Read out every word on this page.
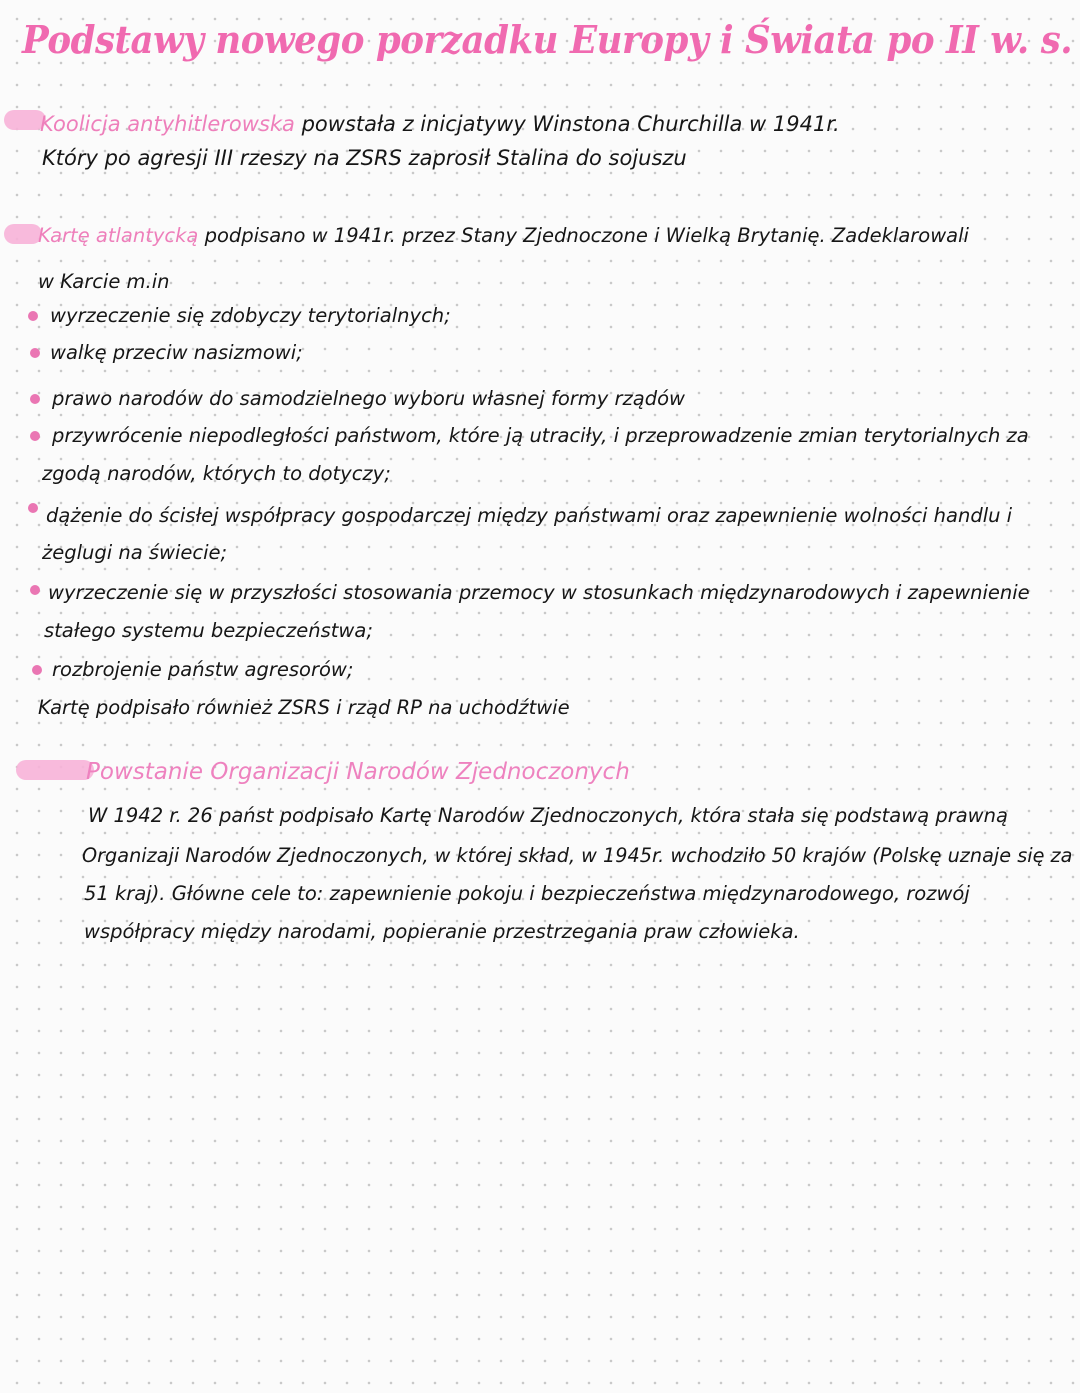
Podstawy nowego porzadku Europy i Świata po II w. s.

Koolicja antyhitlerowska powstała z inicjatywy Winstona Churchilla w 1941r.

Który po agresji III rzeszy na ZSRS zaprosił Stalina do sojuszu

Kartę atlantycką podpisano w 1941r. przez Stany Zjednoczone i Wielką Brytanię. Zadeklarowali

w Karcie m.in

wyrzeczenie się zdobyczy terytorialnych;

walkę przeciw nasizmowi;

prawo narodów do samodzielnego wyboru własnej formy rządów

przywrócenie niepodległości państwom, które ją utraciły, i przeprowadzenie zmian terytorialnych za

zgodą narodów, których to dotyczy;

dążenie do ścisłej współpracy gospodarczej między państwami oraz zapewnienie wolności handlu i

żeglugi na świecie;

wyrzeczenie się w przyszłości stosowania przemocy w stosunkach międzynarodowych i zapewnienie

stałego systemu bezpieczeństwa;

rozbrojenie państw agresorów;

Kartę podpisało również ZSRS i rząd RP na uchodźtwie

Powstanie Organizacji Narodów Zjednoczonych

W 1942 r. 26 państ podpisało Kartę Narodów Zjednoczonych, która stała się podstawą prawną

Organizaji Narodów Zjednoczonych, w której skład, w 1945r. wchodziło 50 krajów (Polskę uznaje się za

51 kraj). Główne cele to: zapewnienie pokoju i bezpieczeństwa międzynarodowego, rozwój

współpracy między narodami, popieranie przestrzegania praw człowieka.
